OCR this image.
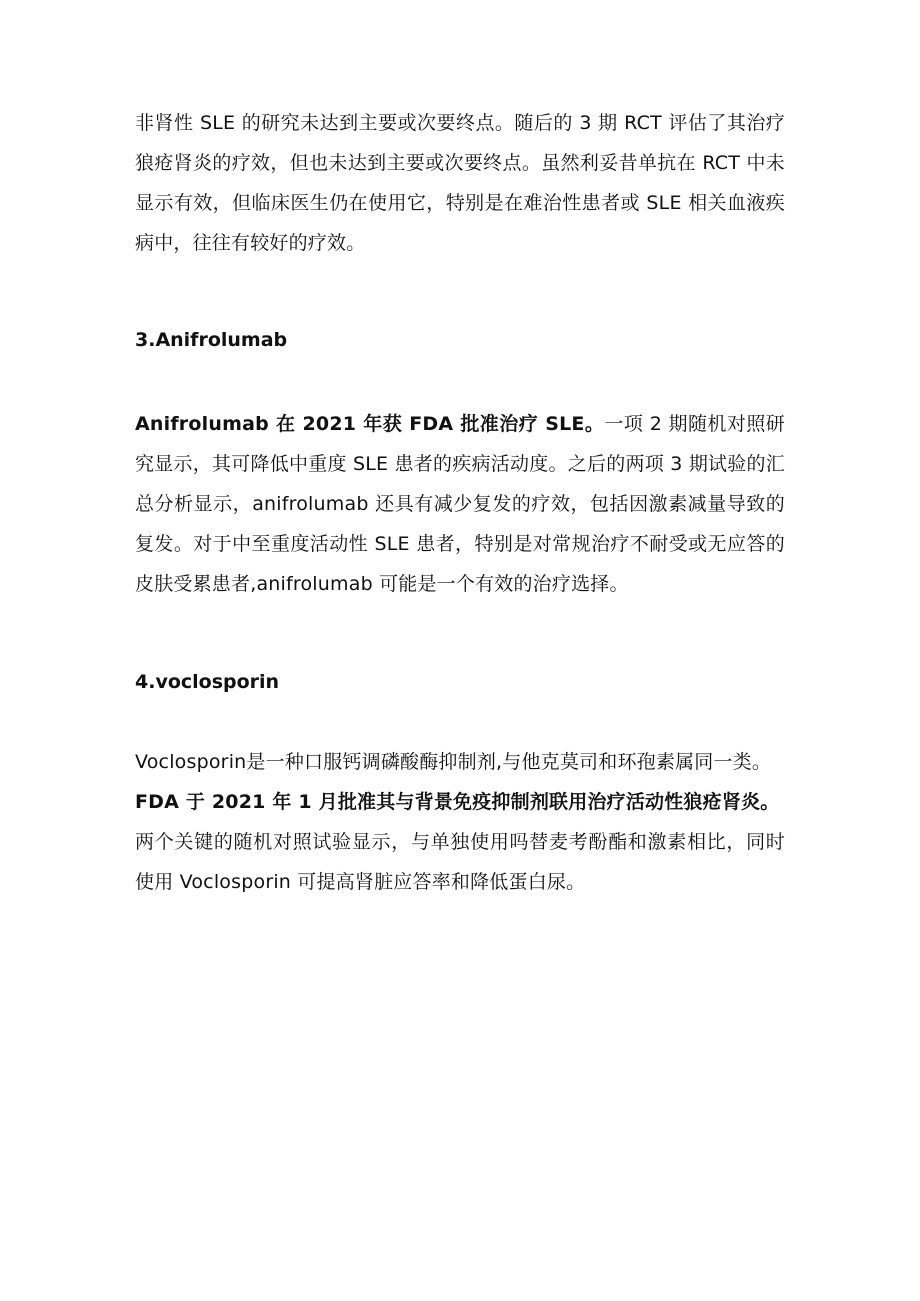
非肾性 SLE 的研究未达到主要或次要终点。随后的 3 期 RCT 评估了其治疗狼疮肾炎的疗效，但也未达到主要或次要终点。虽然利妥昔单抗在 RCT 中未显示有效，但临床医生仍在使用它，特别是在难治性患者或 SLE 相关血液疾病中，往往有较好的疗效。

3.Anifrolumab

Anifrolumab 在 2021 年获 FDA 批准治疗 SLE。一项 2 期随机对照研究显示，其可降低中重度 SLE 患者的疾病活动度。之后的两项 3 期试验的汇总分析显示，anifrolumab 还具有减少复发的疗效，包括因激素减量导致的复发。对于中至重度活动性 SLE 患者，特别是对常规治疗不耐受或无应答的皮肤受累患者,anifrolumab 可能是一个有效的治疗选择。

4.voclosporin

Voclosporin是一种口服钙调磷酸酶抑制剂,与他克莫司和环孢素属同一类。
FDA 于 2021 年 1 月批准其与背景免疫抑制剂联用治疗活动性狼疮肾炎。
两个关键的随机对照试验显示，与单独使用吗替麦考酚酯和激素相比，同时使用 Voclosporin 可提高肾脏应答率和降低蛋白尿。
